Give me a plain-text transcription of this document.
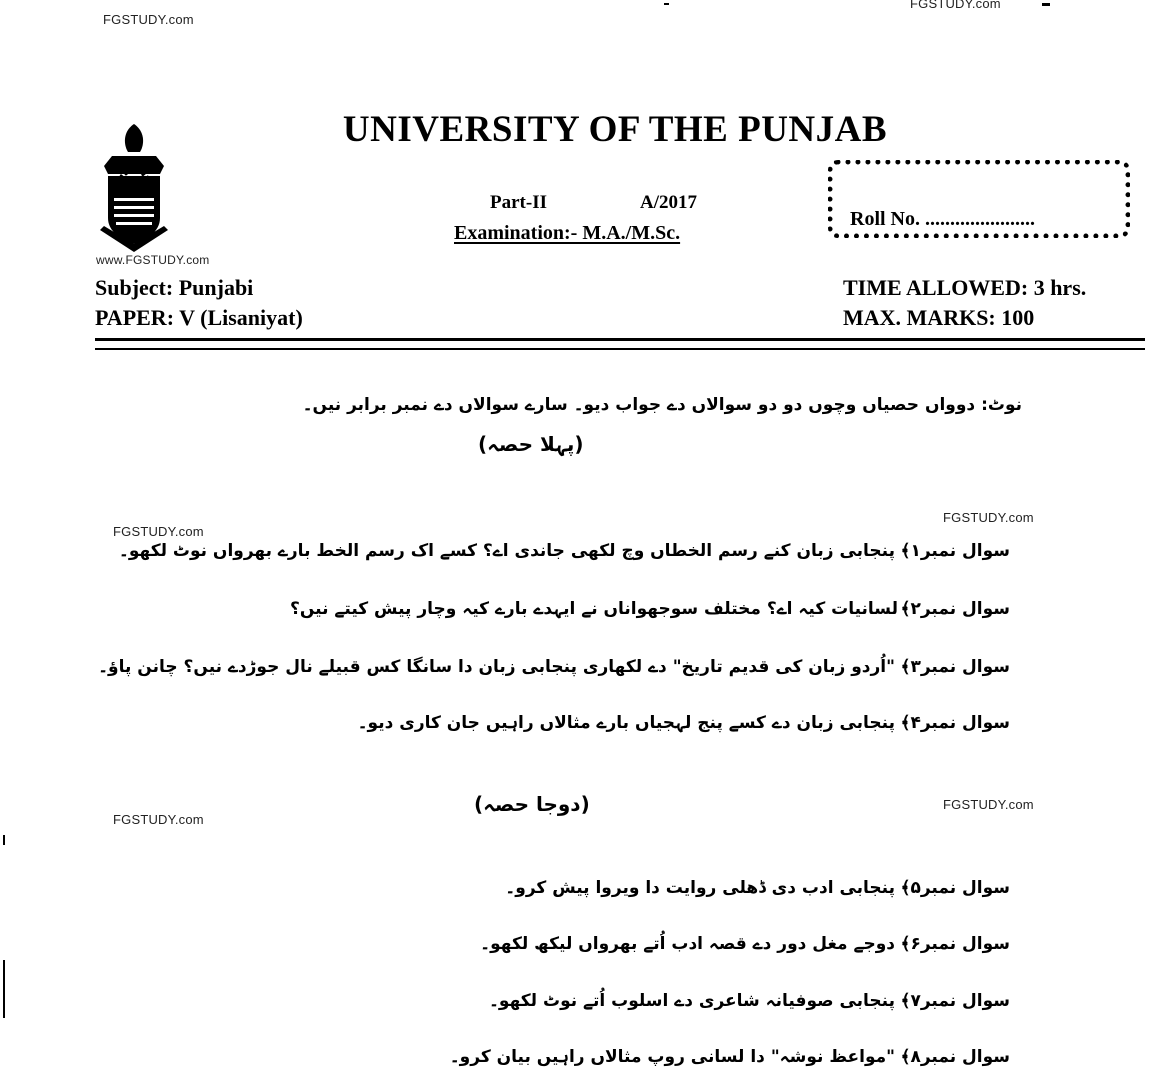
FGSTUDY.com
FGSTUDY.com
UNIVERSITY OF THE PUNJAB
www.FGSTUDY.com
Part-II	A/2017
Examination:- M.A./M.Sc.
Roll No. ......................
Subject: Punjabi
PAPER: V (Lisaniyat)
TIME ALLOWED: 3 hrs.
MAX. MARKS: 100
نوٹ: دوواں حصیاں وچوں دو دو سوالاں دے جواب دیو۔ سارے سوالاں دے نمبر برابر نیں۔
(پہلا حصہ)
FGSTUDY.com
FGSTUDY.com
سوال نمبر۱﴾
پنجابی زبان کنے رسم الخطاں وچ لکھی جاندی اے؟ کسے اک رسم الخط بارے بھرواں نوٹ لکھو۔
سوال نمبر۲﴾
لسانیات کیہ اے؟ مختلف سوجھواناں نے ایہدے بارے کیہ وچار پیش کیتے نیں؟
سوال نمبر۳﴾
"اُردو زبان کی قدیم تاریخ" دے لکھاری پنجابی زبان دا سانگا کس قبیلے نال جوڑدے نیں؟ چانن پاؤ۔
سوال نمبر۴﴾
پنجابی زبان دے کسے پنج لہجیاں بارے مثالاں راہیں جان کاری دیو۔
(دوجا حصہ)	FGSTUDY.com
FGSTUDY.com
سوال نمبر۵﴾
پنجابی ادب دی ڈھلی روایت دا ویروا پیش کرو۔
سوال نمبر۶﴾
دوجے مغل دور دے قصہ ادب اُتے بھرواں لیکھ لکھو۔
سوال نمبر۷﴾
پنجابی صوفیانہ شاعری دے اسلوب اُتے نوٹ لکھو۔
سوال نمبر۸﴾
"مواعظ نوشہ" دا لسانی روپ مثالاں راہیں بیان کرو۔
